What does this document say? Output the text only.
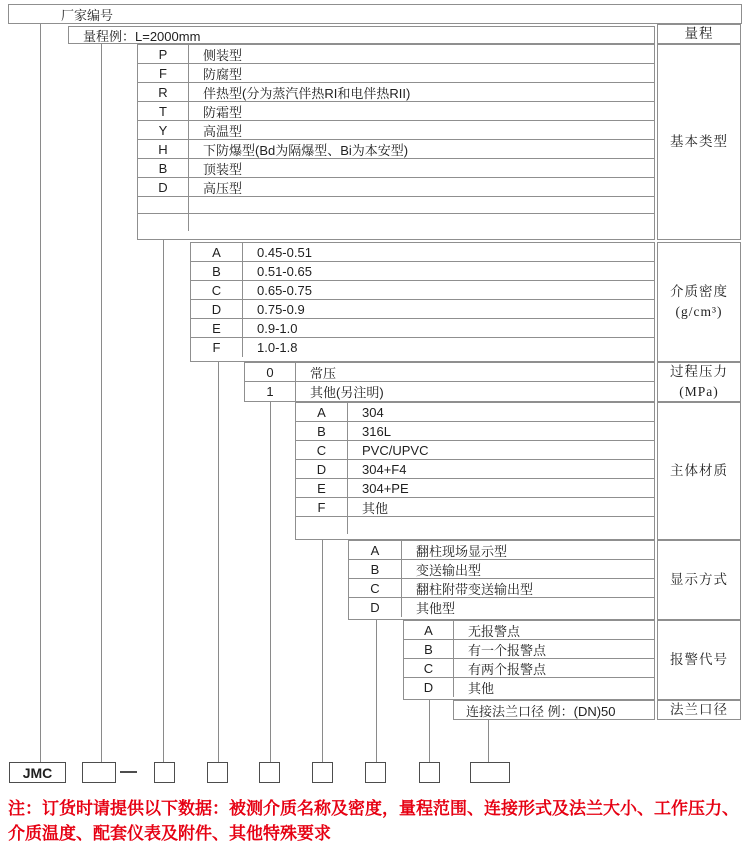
厂家编号
量程例：L=2000mm
P	侧装型
F	防腐型
R	伴热型(分为蒸汽伴热RI和电伴热RII)
T	防霜型
Y	高温型
H	下防爆型(Bd为隔爆型、Bi为本安型)
B	顶装型
D	高压型
A	0.45-0.51
B	0.51-0.65
C	0.65-0.75
D	0.75-0.9
E	0.9-1.0
F	1.0-1.8
0	常压
1	其他(另注明)
A	304
B	316L
C	PVC/UPVC
D	304+F4
E	304+PE
F	其他
A	翻柱现场显示型
B	变送输出型
C	翻柱附带变送输出型
D	其他型
A	无报警点
B	有一个报警点
C	有两个报警点
D	其他
连接法兰口径 例：(DN)50
量程
基本类型
介质密度
(g/cm³)
过程压力
(MPa)
主体材质
显示方式
报警代号
法兰口径
JMC
注：订货时请提供以下数据：被测介质名称及密度，量程范围、连接形式及法兰大小、工作压力、介质温度、配套仪表及附件、其他特殊要求
